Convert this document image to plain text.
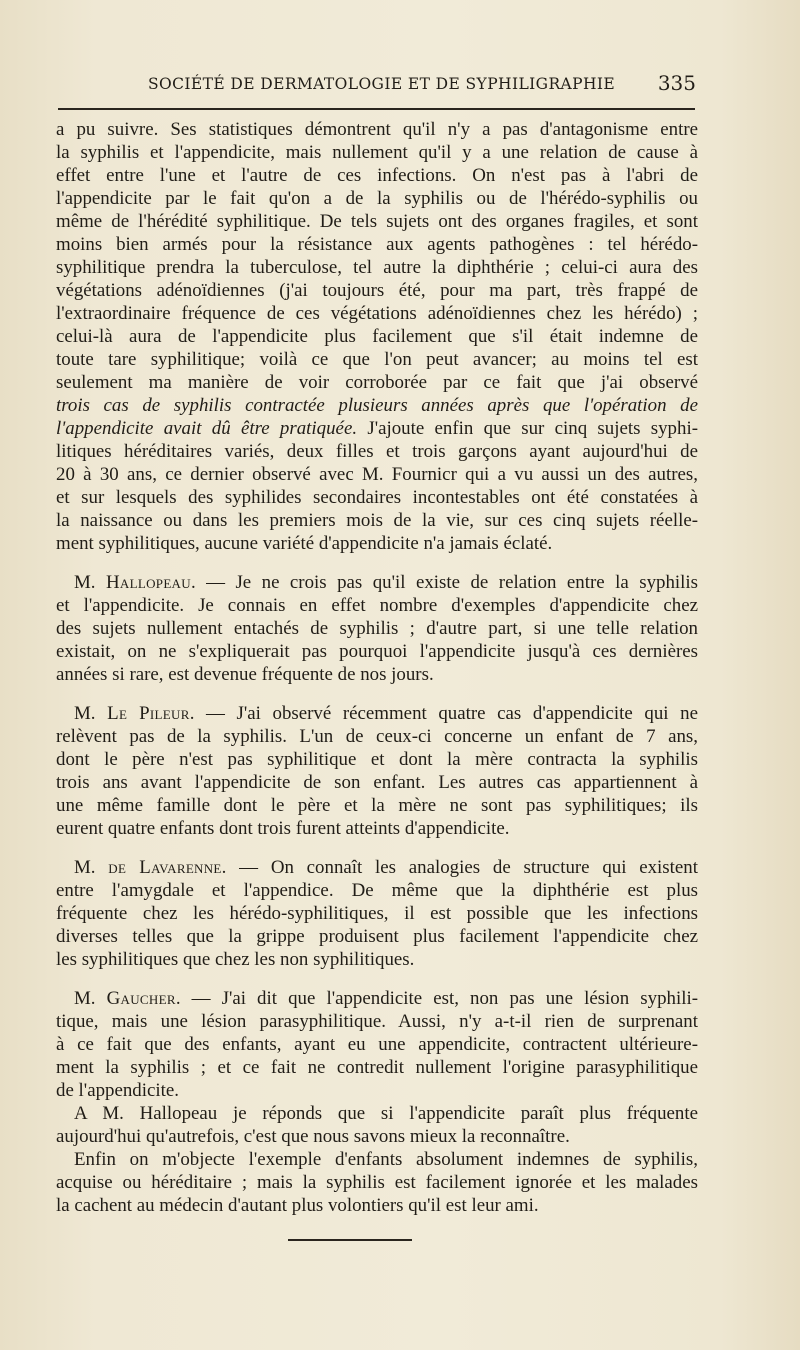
SOCIÉTÉ DE DERMATOLOGIE ET DE SYPHILIGRAPHIE 335
a pu suivre. Ses statistiques démontrent qu'il n'y a pas d'antagonisme entre
la syphilis et l'appendicite, mais nullement qu'il y a une relation de cause à
effet entre l'une et l'autre de ces infections. On n'est pas à l'abri de
l'appendicite par le fait qu'on a de la syphilis ou de l'hérédo-syphilis ou
même de l'hérédité syphilitique. De tels sujets ont des organes fragiles, et sont
moins bien armés pour la résistance aux agents pathogènes : tel hérédo-
syphilitique prendra la tuberculose, tel autre la diphthérie ; celui-ci aura des
végétations adénoïdiennes (j'ai toujours été, pour ma part, très frappé de
l'extraordinaire fréquence de ces végétations adénoïdiennes chez les hérédo) ;
celui-là aura de l'appendicite plus facilement que s'il était indemne de
toute tare syphilitique; voilà ce que l'on peut avancer; au moins tel est
seulement ma manière de voir corroborée par ce fait que j'ai observé
trois cas de syphilis contractée plusieurs années après que l'opération de
l'appendicite avait dû être pratiquée. J'ajoute enfin que sur cinq sujets syphi-
litiques héréditaires variés, deux filles et trois garçons ayant aujourd'hui de
20 à 30 ans, ce dernier observé avec M. Fournicr qui a vu aussi un des autres,
et sur lesquels des syphilides secondaires incontestables ont été constatées à
la naissance ou dans les premiers mois de la vie, sur ces cinq sujets réelle-
ment syphilitiques, aucune variété d'appendicite n'a jamais éclaté.
M. Hallopeau. — Je ne crois pas qu'il existe de relation entre la syphilis
et l'appendicite. Je connais en effet nombre d'exemples d'appendicite chez
des sujets nullement entachés de syphilis ; d'autre part, si une telle relation
existait, on ne s'expliquerait pas pourquoi l'appendicite jusqu'à ces dernières
années si rare, est devenue fréquente de nos jours.
M. Le Pileur. — J'ai observé récemment quatre cas d'appendicite qui ne
relèvent pas de la syphilis. L'un de ceux-ci concerne un enfant de 7 ans,
dont le père n'est pas syphilitique et dont la mère contracta la syphilis
trois ans avant l'appendicite de son enfant. Les autres cas appartiennent à
une même famille dont le père et la mère ne sont pas syphilitiques; ils
eurent quatre enfants dont trois furent atteints d'appendicite.
M. de Lavarenne. — On connaît les analogies de structure qui existent
entre l'amygdale et l'appendice. De même que la diphthérie est plus
fréquente chez les hérédo-syphilitiques, il est possible que les infections
diverses telles que la grippe produisent plus facilement l'appendicite chez
les syphilitiques que chez les non syphilitiques.
M. Gaucher. — J'ai dit que l'appendicite est, non pas une lésion syphili-
tique, mais une lésion parasyphilitique. Aussi, n'y a-t-il rien de surprenant
à ce fait que des enfants, ayant eu une appendicite, contractent ultérieure-
ment la syphilis ; et ce fait ne contredit nullement l'origine parasyphilitique
de l'appendicite.
A M. Hallopeau je réponds que si l'appendicite paraît plus fréquente
aujourd'hui qu'autrefois, c'est que nous savons mieux la reconnaître.
Enfin on m'objecte l'exemple d'enfants absolument indemnes de syphilis,
acquise ou héréditaire ; mais la syphilis est facilement ignorée et les malades
la cachent au médecin d'autant plus volontiers qu'il est leur ami.
